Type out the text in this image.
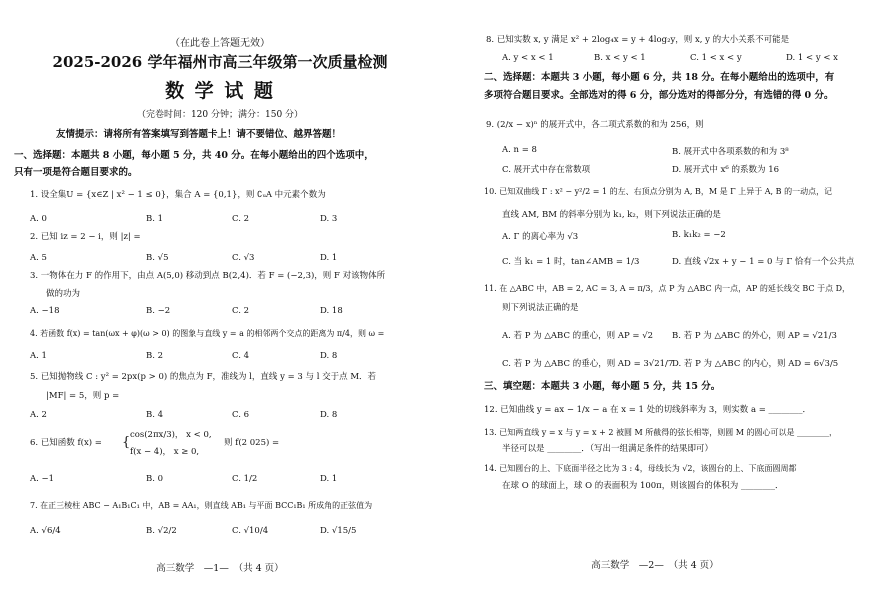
（在此卷上答题无效）
2025-2026 学年福州市高三年级第一次质量检测
数 学 试 题
（完卷时间：120 分钟；满分：150 分）
友情提示：请将所有答案填写到答题卡上！请不要错位、越界答题！
一、选择题：本题共 8 小题，每小题 5 分，共 40 分。在每小题给出的四个选项中，
只有一项是符合题目要求的。
1. 设全集U = {x∈Z | x² − 1 ≤ 0}，集合 A = {0,1}，则 ∁ᵤA 中元素个数为
A. 0	B. 1	C. 2	D. 3
2. 已知 iz = 2 − i，则 |z| =
A. 5	B. √5	C. √3	D. 1
3. 一物体在力 F 的作用下，由点 A(5,0) 移动到点 B(2,4)．若 F = (−2,3)，则 F 对该物体所
做的功为
A. −18	B. −2	C. 2	D. 18
4. 若函数 f(x) = tan(ωx + φ)(ω > 0) 的图象与直线 y = a 的相邻两个交点的距离为 π/4，则 ω =
A. 1	B. 2	C. 4	D. 8
5. 已知抛物线 C : y² = 2px(p > 0) 的焦点为 F，准线为 l，直线 y = 3 与 l 交于点 M．若
|MF| = 5，则 p =
A. 2	B. 4	C. 6	D. 8
6. 已知函数 f(x) = { cos(2πx/3)， x < 0,
f(x − 4)， x ≥ 0,
则 f(2 025) =
A. −1	B. 0	C. 1/2	D. 1
7. 在正三棱柱 ABC − A₁B₁C₁ 中，AB = AA₁，则直线 AB₁ 与平面 BCC₁B₁ 所成角的正弦值为
A. √6/4	B. √2/2	C. √10/4	D. √15/5
高三数学　—1—　（共 4 页）
8. 已知实数 x, y 满足 x² + 2log₄x = y + 4log₂y，则 x, y 的大小关系不可能是
A. y < x < 1	B. x < y < 1	C. 1 < x < y	D. 1 < y < x
二、选择题：本题共 3 小题，每小题 6 分，共 18 分。在每小题给出的选项中，有
多项符合题目要求。全部选对的得 6 分，部分选对的得部分分，有选错的得 0 分。
9. (2/x − x)ⁿ 的展开式中，各二项式系数的和为 256，则
A. n = 8	B. 展开式中各项系数的和为 3⁸
C. 展开式中存在常数项	D. 展开式中 x⁶ 的系数为 16
10. 已知双曲线 Γ : x² − y²/2 = 1 的左、右顶点分别为 A, B，M 是 Γ 上异于 A, B 的一动点，记
直线 AM, BM 的斜率分别为 k₁, k₂，则下列说法正确的是
A. Γ 的离心率为 √3	B. k₁k₂ = −2
C. 当 k₁ = 1 时，tan∠AMB = 1/3	D. 直线 √2x + y − 1 = 0 与 Γ 恰有一个公共点
11. 在 △ABC 中，AB = 2, AC = 3, A = π/3，点 P 为 △ABC 内一点，AP 的延长线交 BC 于点 D，
则下列说法正确的是
A. 若 P 为 △ABC 的重心，则 AP = √2 B. 若 P 为 △ABC 的外心，则 AP = √21/3
C. 若 P 为 △ABC 的垂心，则 AD = 3√21/7
D. 若 P 为 △ABC 的内心，则 AD = 6√3/5
三、填空题：本题共 3 小题，每小题 5 分，共 15 分。
12. 已知曲线 y = ax − 1/x − a 在 x = 1 处的切线斜率为 3，则实数 a = ________．
13. 已知两直线 y = x 与 y = x + 2 被圆 M 所截得的弦长相等，则圆 M 的圆心可以是 ________，
半径可以是 ________．（写出一组满足条件的结果即可）
14. 已知圆台的上、下底面半径之比为 3 : 4，母线长为 √2，该圆台的上、下底面圆周都
在球 O 的球面上，球 O 的表面积为 100π，则该圆台的体积为 ________．
高三数学　—2—　（共 4 页）
